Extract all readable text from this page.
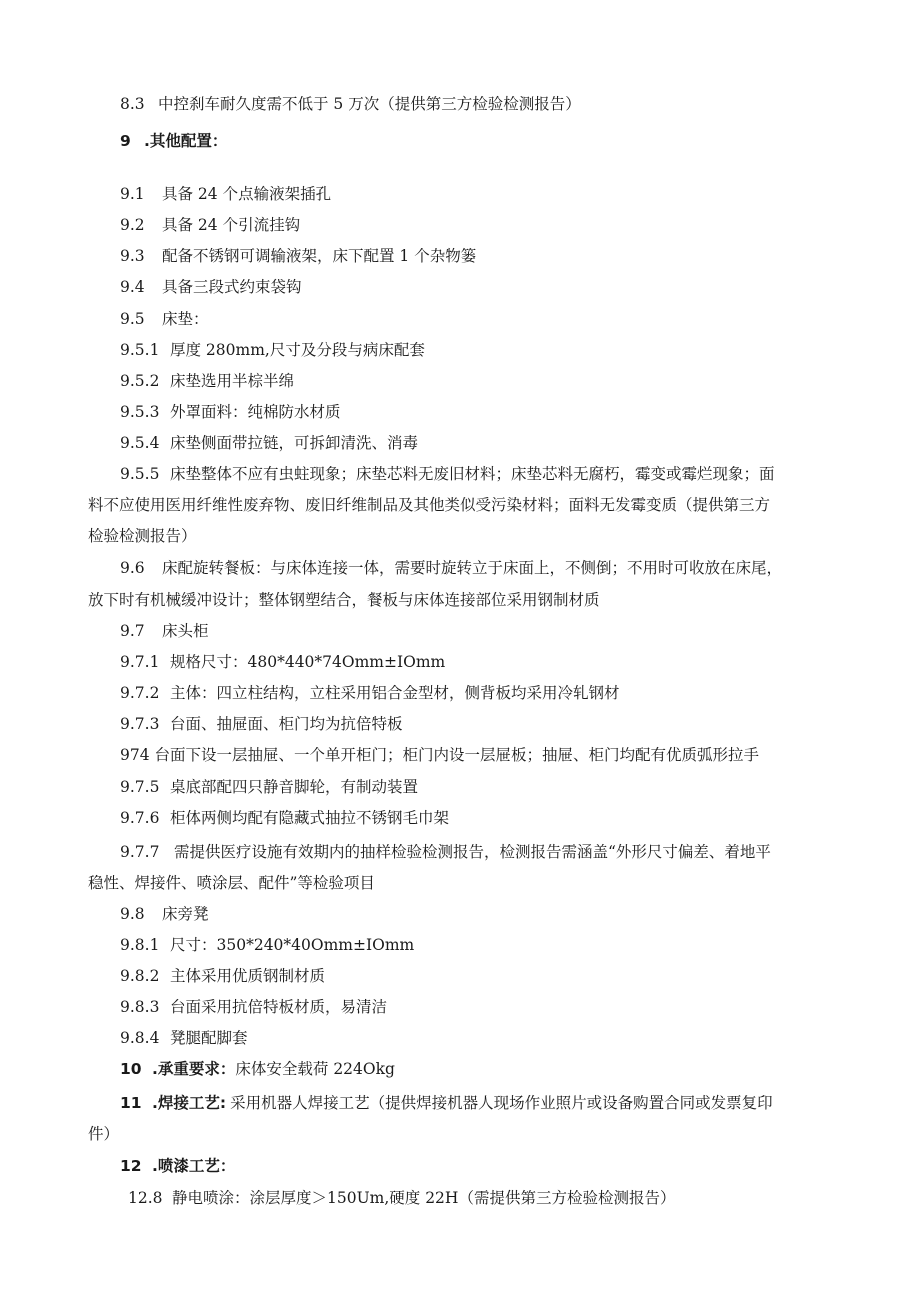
8.3 中控刹车耐久度需不低于 5 万次（提供第三方检验检测报告）
9 .其他配置：
9.1 具备 24 个点输液架插孔
9.2 具备 24 个引流挂钩
9.3 配备不锈钢可调输液架，床下配置 1 个杂物篓
9.4 具备三段式约束袋钩
9.5 床垫：
9.5.1 厚度 280mm,尺寸及分段与病床配套
9.5.2 床垫选用半棕半绵
9.5.3 外罩面料：纯棉防水材质
9.5.4 床垫侧面带拉链，可拆卸清洗、消毒
9.5.5 床垫整体不应有虫蛀现象；床垫芯料无废旧材料；床垫芯料无腐朽，霉变或霉烂现象；面
料不应使用医用纤维性废弃物、废旧纤维制品及其他类似受污染材料；面料无发霉变质（提供第三方
检验检测报告）
9.6 床配旋转餐板：与床体连接一体，需要时旋转立于床面上，不侧倒；不用时可收放在床尾，
放下时有机械缓冲设计；整体钢塑结合，餐板与床体连接部位采用钢制材质
9.7 床头柜
9.7.1 规格尺寸：480*440*74Omm±IOmm
9.7.2 主体：四立柱结构，立柱采用铝合金型材，侧背板均采用冷轧钢材
9.7.3 台面、抽屉面、柜门均为抗倍特板
974 台面下设一层抽屉、一个单开柜门；柜门内设一层屉板；抽屉、柜门均配有优质弧形拉手
9.7.5 桌底部配四只静音脚轮，有制动装置
9.7.6 柜体两侧均配有隐藏式抽拉不锈钢毛巾架
9.7.7 需提供医疗设施有效期内的抽样检验检测报告，检测报告需涵盖“外形尺寸偏差、着地平
稳性、焊接件、喷涂层、配件”等检验项目
9.8 床旁凳
9.8.1 尺寸：350*240*40Omm±IOmm
9.8.2 主体采用优质钢制材质
9.8.3 台面采用抗倍特板材质，易清洁
9.8.4 凳腿配脚套
10 .承重要求：床体安全载荷 224Okg
11 .焊接工艺: 采用机器人焊接工艺（提供焊接机器人现场作业照片或设备购置合同或发票复印
件）
12 .喷漆工艺：
12.8 静电喷涂：涂层厚度＞150Um,硬度 22H（需提供第三方检验检测报告）
